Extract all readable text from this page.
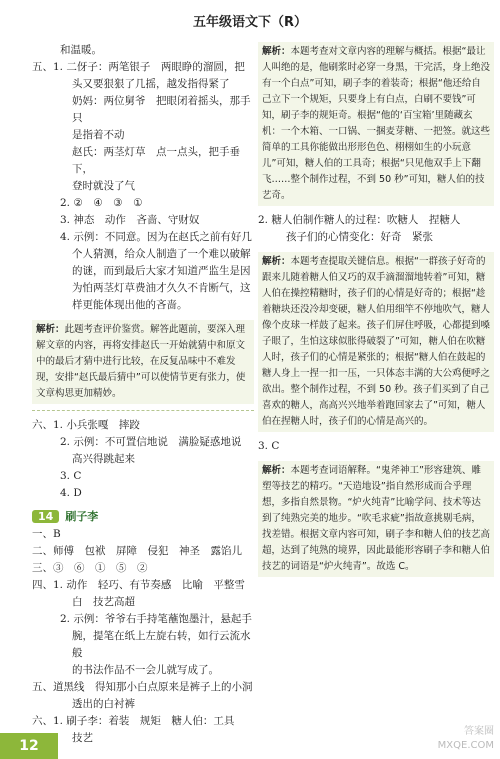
五年级语文下（R）

和温暖。

五、1. 二伢子：两笔银子　两眼睁的溜圆，把

头又要狠狠了几摇，越发指得紧了

奶妈：两位舅爷　把眼闭着摇头，那手只

是指着不动

赵氏：两茎灯草　点一点头，把手垂下，

登时就没了气

2. ②　④　③　①

3. 神态　动作　吝啬、守财奴

4. 示例：不同意。因为在赵氏之前有好几

个人猜测，给众人制造了一个难以破解

的谜，而到最后大家才知道严监生是因

为怕两茎灯草费油才久久不肯断气，这

样更能体现出他的吝啬。

解析：此题考查评价鉴赏。解答此题前，要深入理解文章的内容，再将安排赵氏一开始就猜中和原文中的最后才猜中进行比较，在反复品味中不难发现，安排“赵氏最后猜中”可以使情节更有张力，使文章构思更加精妙。

六、1. 小兵张嘎　摔跤

2. 示例：不可置信地说　满脸疑惑地说

高兴得跳起来

3. C

4. D

14	刷子李

一、B

二、师傅　包袱　屏障　侵犯　神圣　露馅儿

三、③　⑥　①　⑤　②

四、1. 动作　轻巧、有节奏感　比喻　平整雪

白　技艺高超

2. 示例：爷爷右手持笔蘸饱墨汁，悬起手

腕，提笔在纸上左旋右转，如行云流水般

的书法作品不一会儿就写成了。

五、道黑线　得知那小白点原来是裤子上的小洞

透出的白衬裤

六、1. 刷子李：着装　规矩　糖人伯：工具

技艺

解析：本题考查对文章内容的理解与概括。根据“最让人叫绝的是，他刷浆时必穿一身黑，干完活，身上绝没有一个白点”可知，刷子李的着装奇；根据“他还给自己立下一个规矩，只要身上有白点，白刷不要钱”可知，刷子李的规矩奇。根据“他的‘百宝箱’里随藏玄机：一个木箱、一口锅、一捆麦芽糖、一把签。就这些简单的工具你能做出形形色色、栩栩如生的小玩意儿”可知，糖人伯的工具奇；根据“只见他双手上下翻飞……整个制作过程，不到 50 秒”可知，糖人伯的技艺奇。

2. 糖人伯制作糖人的过程：吹糖人　捏糖人

孩子们的心情变化：好奇　紧张

解析：本题考查提取关键信息。根据“一群孩子好奇的跟来儿随着糖人伯又巧的双手滴溜溜地转着”可知，糖人伯在操控精糖时，孩子们的心情是好奇的；根据“趁着糖块还没冷却变硬，糖人伯用细竿不停地吹气，糖人像个皮球一样鼓了起来。孩子们屏住呼吸，心都提到嗓子眼了，生怕这球似胀得破裂了”可知，糖人伯在吹糖人时，孩子们的心情是紧张的；根据“糖人伯在鼓起的糖人身上一捏一扣一压，一只体态丰满的大公鸡便呼之欲出。整个制作过程，不到 50 秒。孩子们买到了自己喜欢的糖人，高高兴兴地举着跑回家去了”可知，糖人伯在捏糖人时，孩子们的心情是高兴的。

3. C

解析：本题考查词语解释。“鬼斧神工”形容建筑、雕塑等技艺的精巧。“天造地设”指自然形成而合乎理想，多指自然景物。“炉火纯青”比喻学问、技术等达到了纯熟完美的地步。“吹毛求疵”指故意挑剔毛病，找差错。根据文章内容可知，刷子李和糖人伯的技艺高超，达到了纯熟的境界，因此最能形容刷子李和糖人伯技艺的词语是“炉火纯青”。故选 C。
12
答案圈
MXQE.COM
